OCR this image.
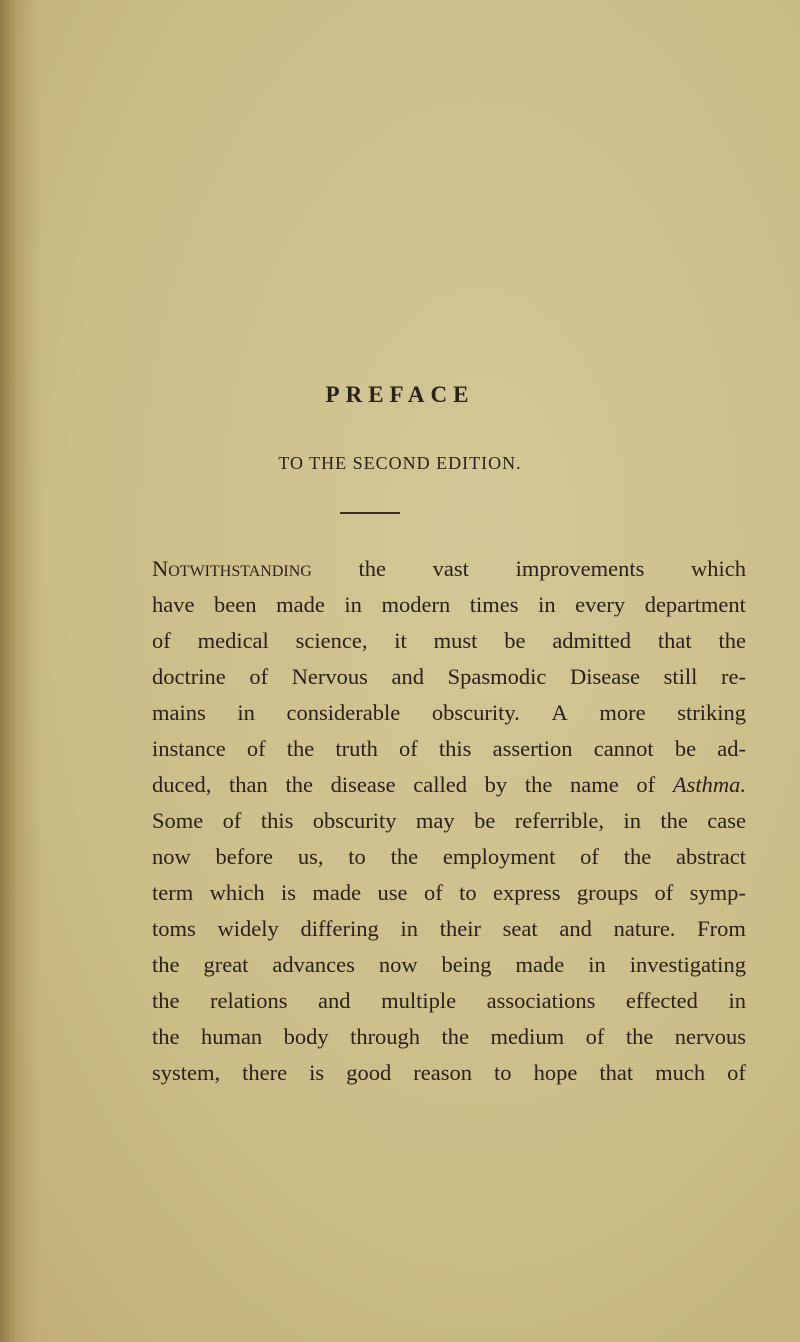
PREFACE
TO THE SECOND EDITION.
Notwithstanding the vast improvements which
have been made in modern times in every department
of medical science, it must be admitted that the
doctrine of Nervous and Spasmodic Disease still re-
mains in considerable obscurity. A more striking
instance of the truth of this assertion cannot be ad-
duced, than the disease called by the name of Asthma.
Some of this obscurity may be referrible, in the case
now before us, to the employment of the abstract
term which is made use of to express groups of symp-
toms widely differing in their seat and nature. From
the great advances now being made in investigating
the relations and multiple associations effected in
the human body through the medium of the nervous
system, there is good reason to hope that much of
